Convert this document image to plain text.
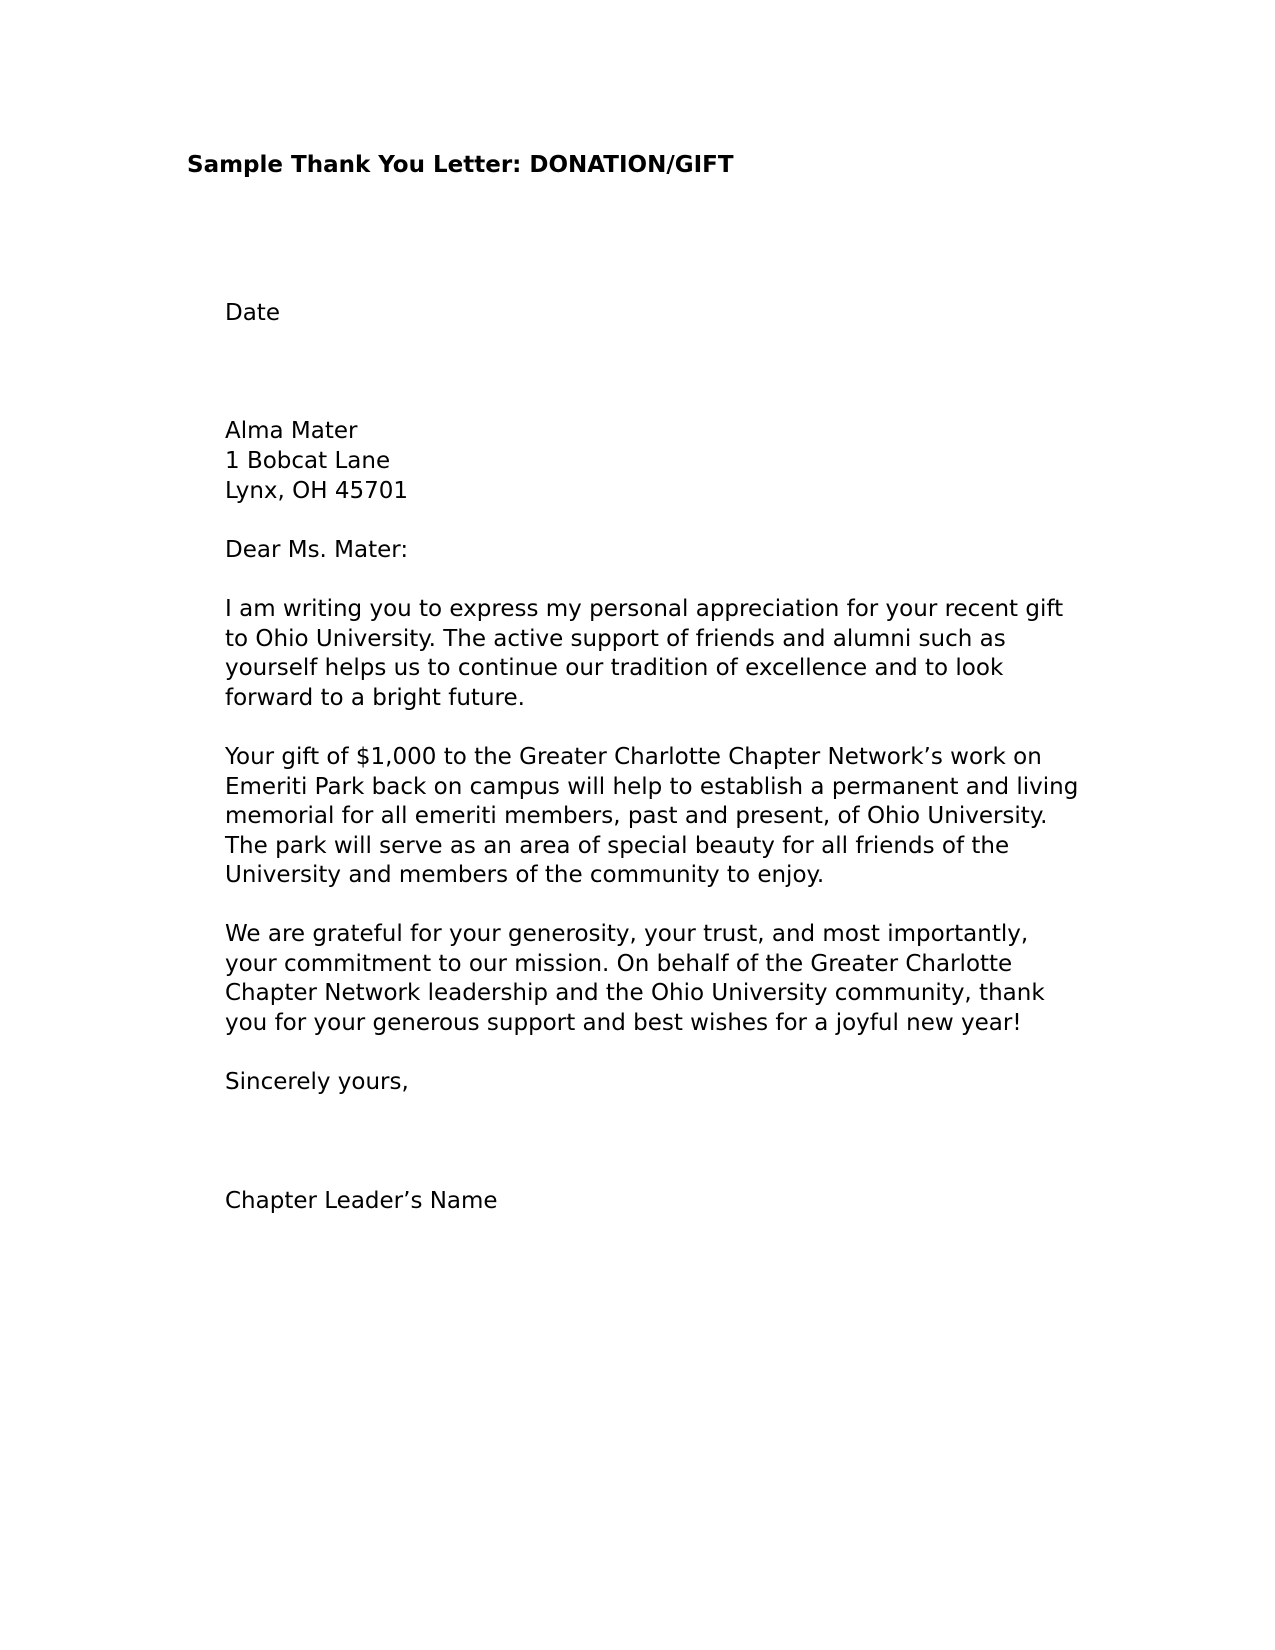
Sample Thank You Letter: DONATION/GIFT
Date
Alma Mater
1 Bobcat Lane
Lynx, OH 45701
Dear Ms. Mater:
I am writing you to express my personal appreciation for your recent gift
to Ohio University. The active support of friends and alumni such as
yourself helps us to continue our tradition of excellence and to look
forward to a bright future.
Your gift of $1,000 to the Greater Charlotte Chapter Network’s work on
Emeriti Park back on campus will help to establish a permanent and living
memorial for all emeriti members, past and present, of Ohio University.
The park will serve as an area of special beauty for all friends of the
University and members of the community to enjoy.
We are grateful for your generosity, your trust, and most importantly,
your commitment to our mission. On behalf of the Greater Charlotte
Chapter Network leadership and the Ohio University community, thank
you for your generous support and best wishes for a joyful new year!
Sincerely yours,
Chapter Leader’s Name
